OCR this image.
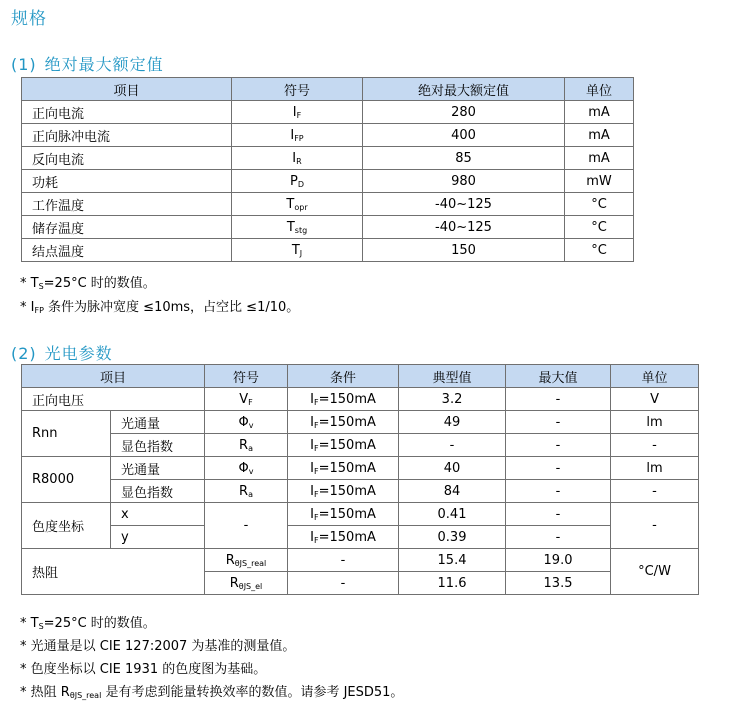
规格
(1) 绝对最大额定值
项目	符号	绝对最大额定值	单位
正向电流	$I_F$	280	mA
正向脉冲电流	$I_{FP}$	400	mA
反向电流	$I_R$	85	mA
功耗	$P_D$	980	mW
工作温度	$T_{opr}$	-40~125	°C
储存温度	$T_{stg}$	-40~125	°C
结点温度	$T_J$	150	°C
* $T_S=25^\circ C$ 时的数值。
* $I_{FP}$ 条件为脉冲宽度 ≤10ms，占空比 ≤1/10。
(2) 光电参数
项目		符号	条件	典型值	最大值	单位
正向电压		$V_F$	$I_F=150mA$	3.2	-	V
Rnn	光通量	$\Phi_v$	$I_F=150mA$	49	-	lm
	显色指数	$R_a$	$I_F=150mA$	-	-	-
R8000	光通量	$\Phi_v$	$I_F=150mA$	40	-	lm
	显色指数	$R_a$	$I_F=150mA$	84	-	-
色度坐标	x	-	$I_F=150mA$	0.41	-	-
	y		$I_F=150mA$	0.39	-	
热阻		$R_{\theta JS\_real}$	-	15.4	19.0	°C/W
		$R_{\theta JS\_el}$	-	11.6	13.5	
* $T_S=25^\circ C$ 时的数值。
* 光通量是以 CIE 127:2007 为基准的测量值。
* 色度坐标以 CIE 1931 的色度图为基础。
* 热阻 $R_{\theta JS\_real}$ 是有考虑到能量转换效率的数值。请参考 JESD51。
